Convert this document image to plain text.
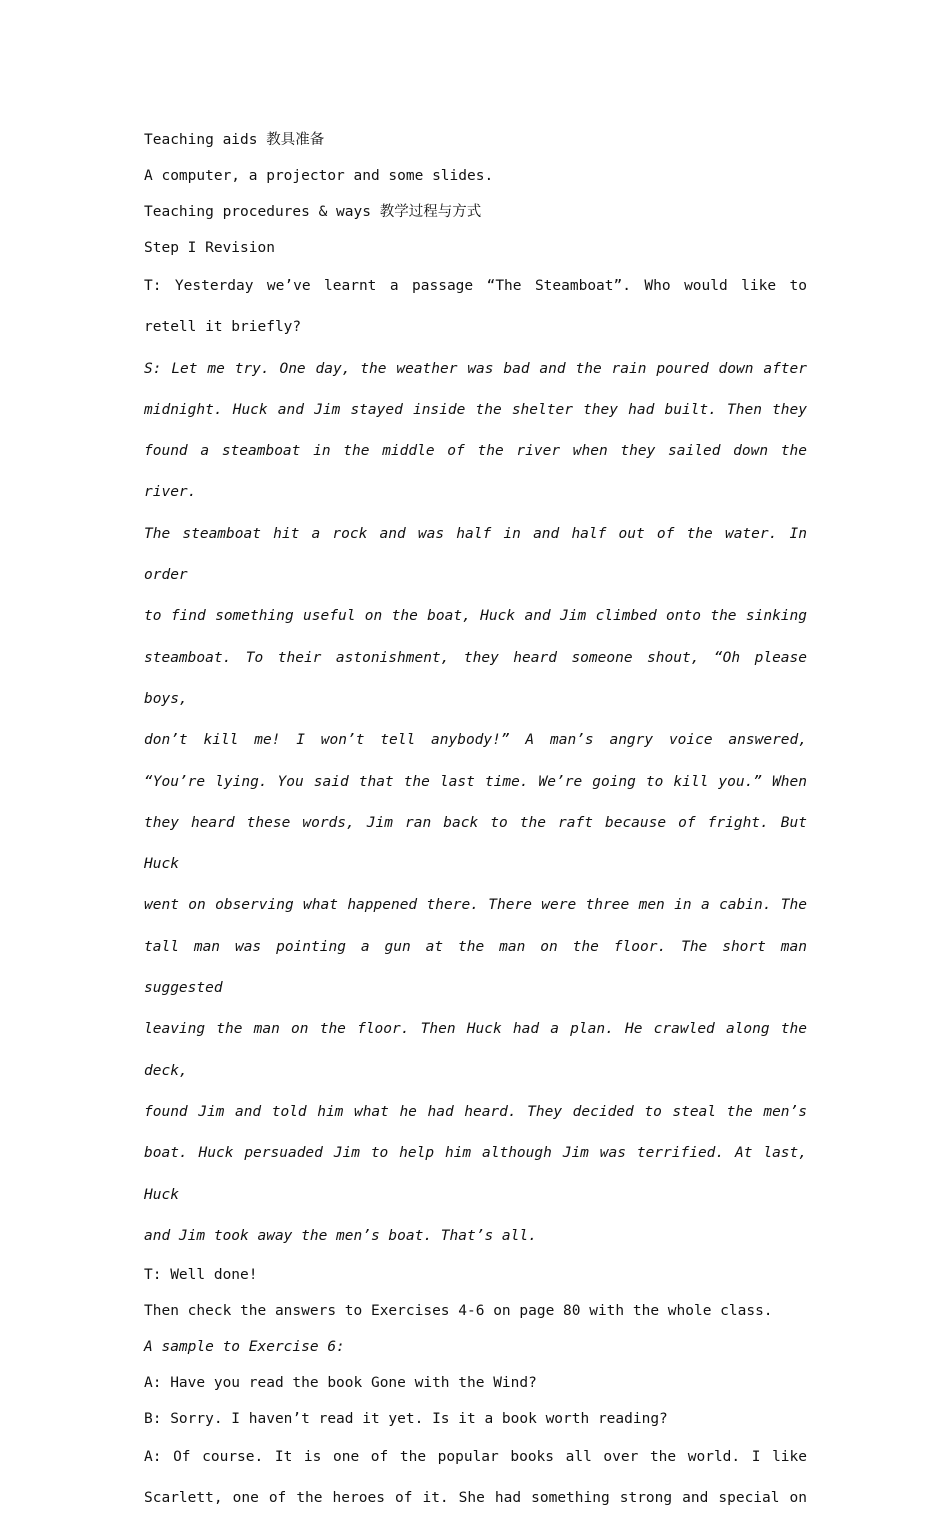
Teaching aids 教具准备
A computer, a projector and some slides.
Teaching procedures & ways 教学过程与方式
Step I Revision
T: Yesterday we’ve learnt a passage “The Steamboat”. Who would like to
retell it briefly?
S: Let me try. One day, the weather was bad and the rain poured down after
midnight. Huck and Jim stayed inside the shelter they had built. Then they
found a steamboat in the middle of the river when they sailed down the river.
The steamboat hit a rock and was half in and half out of the water. In order
to find something useful on the boat, Huck and Jim climbed onto the sinking
steamboat. To their astonishment, they heard someone shout, “Oh please boys,
don’t kill me! I won’t tell anybody!” A man’s angry voice answered,
“You’re lying. You said that the last time. We’re going to kill you.” When
they heard these words, Jim ran back to the raft because of fright. But Huck
went on observing what happened there. There were three men in a cabin. The
tall man was pointing a gun at the man on the floor. The short man suggested
leaving the man on the floor. Then Huck had a plan. He crawled along the deck,
found Jim and told him what he had heard. They decided to steal the men’s
boat. Huck persuaded Jim to help him although Jim was terrified. At last, Huck
and Jim took away the men’s boat. That’s all.
T: Well done!
Then check the answers to Exercises 4-6 on page 80 with the whole class.
A sample to Exercise 6:
A: Have you read the book Gone with the Wind?
B: Sorry. I haven’t read it yet. Is it a book worth reading?
A: Of course. It is one of the popular books all over the world. I like
Scarlett, one of the heroes of it. She had something strong and special on
